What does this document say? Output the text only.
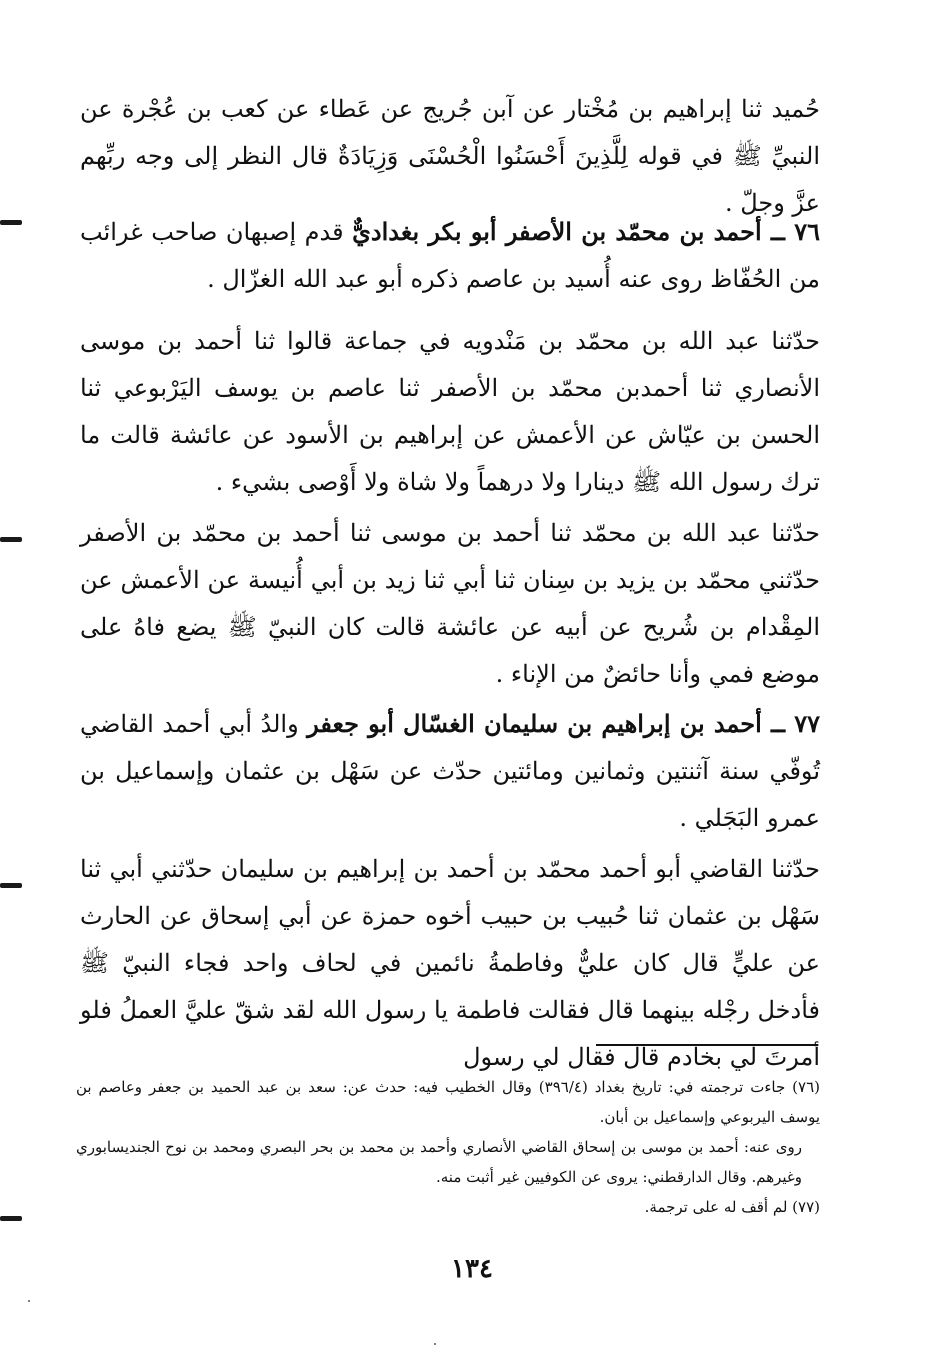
حُميد ثنا إبراهيم بن مُخْتار عن آبن جُريج عن عَطاء عن كعب بن عُجْرة عن النبيِّ ﷺ في قوله لِلَّذِينَ أَحْسَنُوا الْحُسْنَى وَزِيَادَةٌ قال النظر إلى وجه ربِّهم عزَّ وجلّ .

٧٦ ــ أحمد بن محمّد بن الأصفر أبو بكر بغداديٌّ قدم إصبهان صاحب غرائب من الحُفّاظ روى عنه أُسيد بن عاصم ذكره أبو عبد الله الغزّال .

حدّثنا عبد الله بن محمّد بن مَنْدويه في جماعة قالوا ثنا أحمد بن موسى الأنصاري ثنا أحمدبن محمّد بن الأصفر ثنا عاصم بن يوسف اليَرْبوعي ثنا الحسن بن عيّاش عن الأعمش عن إبراهيم بن الأسود عن عائشة قالت ما ترك رسول الله ﷺ دينارا ولا درهماً ولا شاة ولا أَوْصى بشيء .

حدّثنا عبد الله بن محمّد ثنا أحمد بن موسى ثنا أحمد بن محمّد بن الأصفر حدّثني محمّد بن يزيد بن سِنان ثنا أبي ثنا زيد بن أبي أُنيسة عن الأعمش عن المِقْدام بن شُريح عن أبيه عن عائشة قالت كان النبيّ ﷺ يضع فاهُ على موضع فمي وأنا حائضٌ من الإناء .

٧٧ ــ أحمد بن إبراهيم بن سليمان الغسّال أبو جعفر والدُ أبي أحمد القاضي تُوفّي سنة آثنتين وثمانين ومائتين حدّث عن سَهْل بن عثمان وإسماعيل بن عمرو البَجَلي .

حدّثنا القاضي أبو أحمد محمّد بن أحمد بن إبراهيم بن سليمان حدّثني أبي ثنا سَهْل بن عثمان ثنا حُبيب بن حبيب أخوه حمزة عن أبي إسحاق عن الحارث عن عليٍّ قال كان عليٌّ وفاطمةُ نائمين في لحاف واحد فجاء النبيّ ﷺ فأدخل رجْله بينهما قال فقالت فاطمة يا رسول الله لقد شقّ عليَّ العملُ فلو أمرتَ لي بخادم قال فقال لي رسول

(٧٦) جاءت ترجمته في: تاريخ بغداد (٣٩٦/٤) وقال الخطيب فيه: حدث عن: سعد بن عبد الحميد بن جعفر وعاصم بن يوسف اليربوعي وإسماعيل بن أبان.

روى عنه: أحمد بن موسى بن إسحاق القاضي الأنصاري وأحمد بن محمد بن بحر البصري ومحمد بن نوح الجنديسابوري وغيرهم. وقال الدارقطني: يروى عن الكوفيين غير أثبت منه.

(٧٧) لم أقف له على ترجمة.

١٣٤
